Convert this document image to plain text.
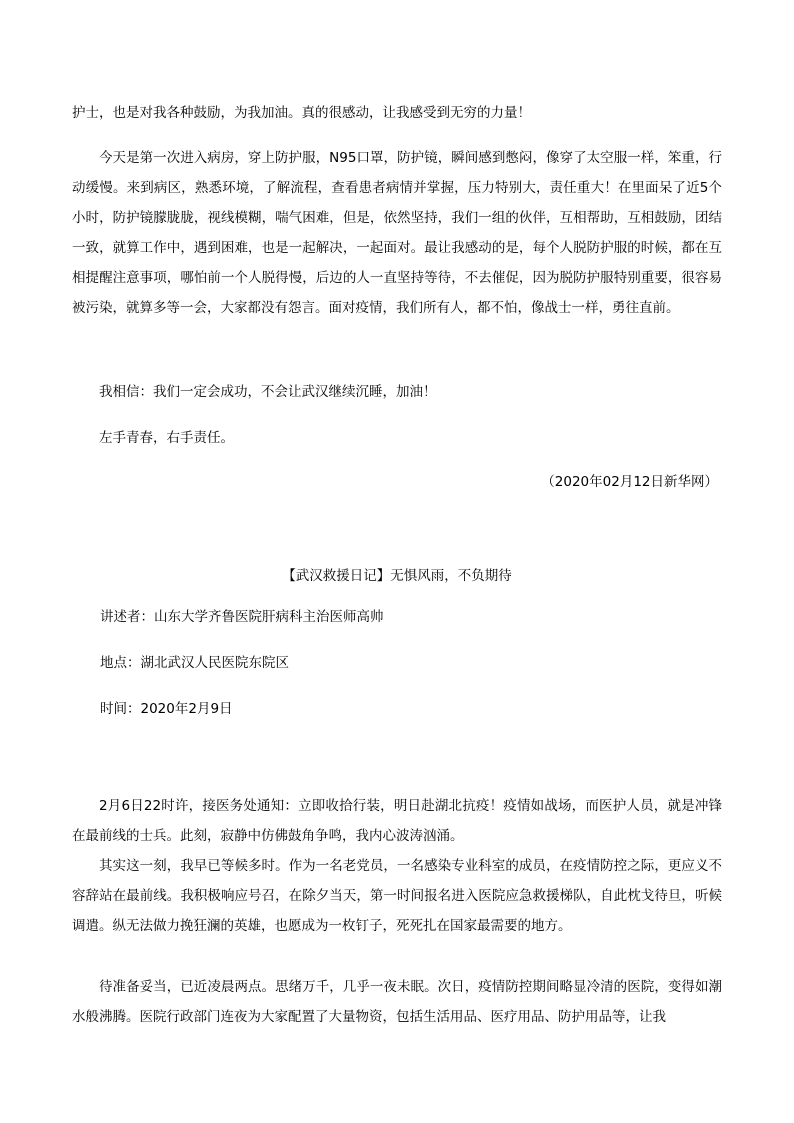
护士，也是对我各种鼓励，为我加油。真的很感动，让我感受到无穷的力量！

今天是第一次进入病房，穿上防护服，N95口罩，防护镜，瞬间感到憋闷，像穿了太空服一样，笨重，行动缓慢。来到病区，熟悉环境，了解流程，查看患者病情并掌握，压力特别大，责任重大！在里面呆了近5个小时，防护镜朦胧胧，视线模糊，喘气困难，但是，依然坚持，我们一组的伙伴，互相帮助，互相鼓励，团结一致，就算工作中，遇到困难，也是一起解决，一起面对。最让我感动的是，每个人脱防护服的时候，都在互相提醒注意事项，哪怕前一个人脱得慢，后边的人一直坚持等待，不去催促，因为脱防护服特别重要，很容易被污染，就算多等一会，大家都没有怨言。面对疫情，我们所有人，都不怕，像战士一样，勇往直前。

我相信：我们一定会成功，不会让武汉继续沉睡，加油！

左手青春，右手责任。

（2020年02月12日新华网）

【武汉救援日记】无惧风雨，不负期待

讲述者：山东大学齐鲁医院肝病科主治医师高帅

地点：湖北武汉人民医院东院区

时间：2020年2月9日

2月6日22时许，接医务处通知：立即收拾行装，明日赴湖北抗疫！疫情如战场，而医护人员，就是冲锋在最前线的士兵。此刻，寂静中仿佛鼓角争鸣，我内心波涛汹涌。

其实这一刻，我早已等候多时。作为一名老党员，一名感染专业科室的成员，在疫情防控之际，更应义不容辞站在最前线。我积极响应号召，在除夕当天，第一时间报名进入医院应急救援梯队，自此枕戈待旦，听候调遣。纵无法做力挽狂澜的英雄，也愿成为一枚钉子，死死扎在国家最需要的地方。

待准备妥当，已近凌晨两点。思绪万千，几乎一夜未眠。次日，疫情防控期间略显冷清的医院，变得如潮水般沸腾。医院行政部门连夜为大家配置了大量物资，包括生活用品、医疗用品、防护用品等，让我
